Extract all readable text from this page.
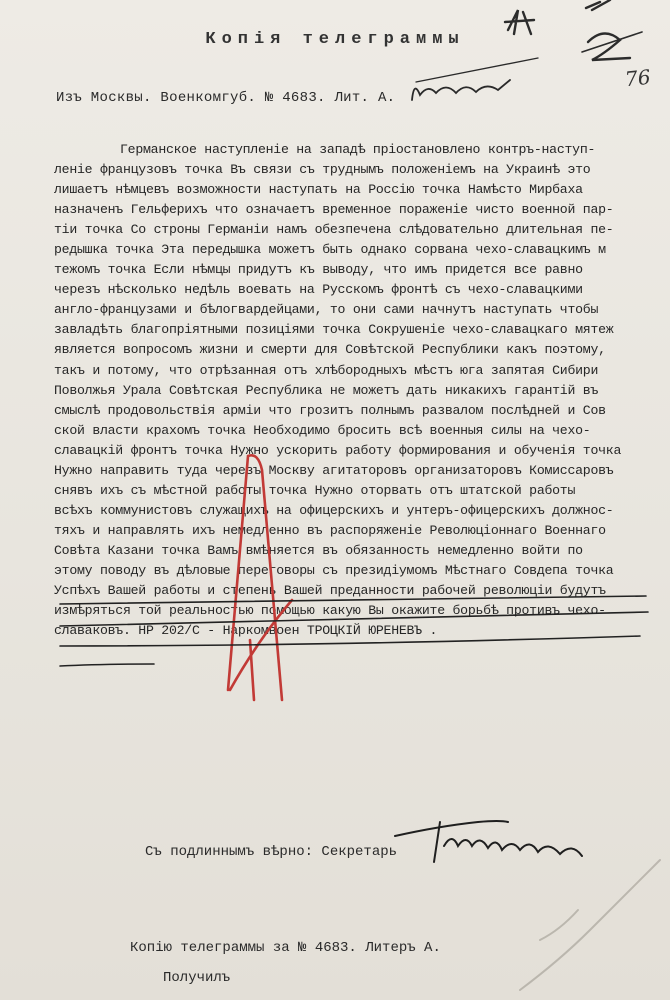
Копiя телеграммы
76
Изъ Москвы. Военкомгуб. № 4683. Лит. А.
Германское наступленiе на западѣ прiостановлено контръ-наступ-
ленiе французовъ точка Въ связи съ труднымъ положенiемъ на Украинѣ это
лишаетъ нѣмцевъ возможности наступать на Россiю точка Намѣсто Мирбаха
назначенъ Гельферихъ что означаетъ временное пораженiе чисто военной пар-
тiи точка Со строны Германiи намъ обезпечена слѣдовательно длительная пе-
редышка точка Эта передышка можетъ быть однако сорвана чехо-славацкимъ м
тежомъ точка Если нѣмцы придутъ къ выводу, что имъ придется все равно
черезъ нѣсколько недѣль воевать на Русскомъ фронтѣ съ чехо-славацкими
англо-французами и бѣлогвардейцами, то они сами начнутъ наступать чтобы
завладѣть благопрiятными позицiями точка Сокрушенiе чехо-славацкаго мятеж
является вопросомъ жизни и смерти для Совѣтской Республики какъ поэтому,
такъ и потому, что отрѣзанная отъ хлѣбородныхъ мѣстъ юга запятая Сибири
Поволжья Урала Совѣтская Республика не можетъ дать никакихъ гарантiй въ
смыслѣ продовольствiя армiи что грозитъ полнымъ развалом послѣдней и Сов
ской власти крахомъ точка Необходимо бросить всѣ военныя силы на чехо-
славацкiй фронтъ точка Нужно ускорить работу формирования и обученiя точка
Нужно направить туда черезъ Москву агитаторовъ организаторовъ Комиссаровъ
снявъ ихъ съ мѣстной работы точка Нужно оторвать отъ штатской работы
всѣхъ коммунистовъ служащихъ на офицерскихъ и унтеръ-офицерскихъ должнос-
тяхъ и направлять ихъ немедленно въ распоряженiе Революцiоннаго Военнаго
Совѣта Казани точка Вамъ вмѣняется въ обязанность немедленно войти по
этому поводу въ дѣловые переговоры съ президiумомъ Мѣстнаго Совдепа точка
Успѣхъ Вашей работы и степень Вашей преданности рабочей революцiи будутъ
измѣряться той реальностью помощью какую Вы окажите борьбѣ противъ чехо-
славаковъ. НР 202/С - Наркомвоен ТРОЦКIЙ ЮРЕНЕВЪ .
Съ подлиннымъ вѣрно: Секретарь
Копiю телеграммы за № 4683. Литеръ А.
Получилъ
